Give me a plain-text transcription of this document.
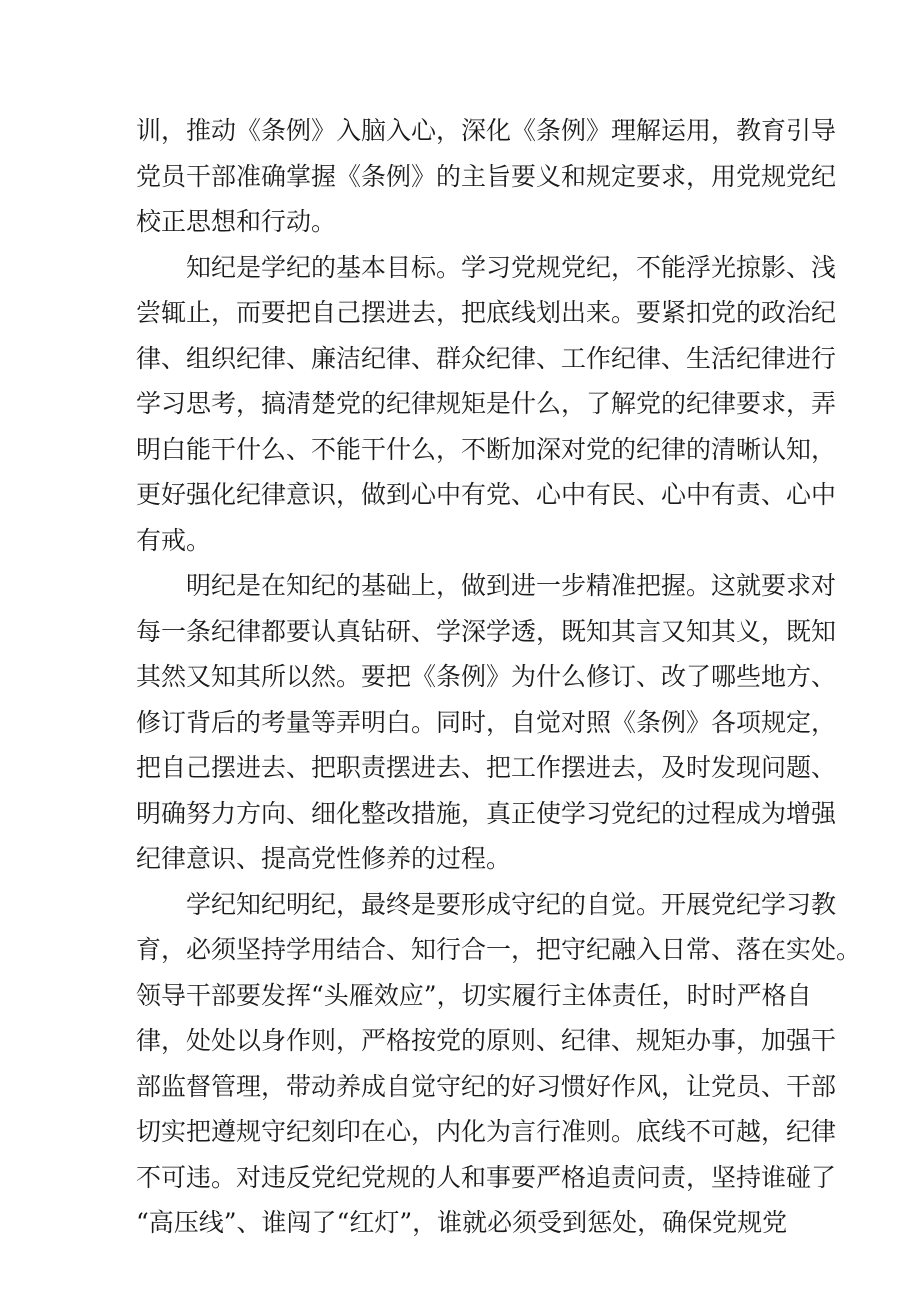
训，推动《条例》入脑入心，深化《条例》理解运用，教育引导
党员干部准确掌握《条例》的主旨要义和规定要求，用党规党纪
校正思想和行动。
知纪是学纪的基本目标。学习党规党纪，不能浮光掠影、浅
尝辄止，而要把自己摆进去，把底线划出来。要紧扣党的政治纪
律、组织纪律、廉洁纪律、群众纪律、工作纪律、生活纪律进行
学习思考，搞清楚党的纪律规矩是什么，了解党的纪律要求，弄
明白能干什么、不能干什么，不断加深对党的纪律的清晰认知，
更好强化纪律意识，做到心中有党、心中有民、心中有责、心中
有戒。
明纪是在知纪的基础上，做到进一步精准把握。这就要求对
每一条纪律都要认真钻研、学深学透，既知其言又知其义，既知
其然又知其所以然。要把《条例》为什么修订、改了哪些地方、
修订背后的考量等弄明白。同时，自觉对照《条例》各项规定，
把自己摆进去、把职责摆进去、把工作摆进去，及时发现问题、
明确努力方向、细化整改措施，真正使学习党纪的过程成为增强
纪律意识、提高党性修养的过程。
学纪知纪明纪，最终是要形成守纪的自觉。开展党纪学习教
育，必须坚持学用结合、知行合一，把守纪融入日常、落在实处。
领导干部要发挥“头雁效应”，切实履行主体责任，时时严格自
律，处处以身作则，严格按党的原则、纪律、规矩办事，加强干
部监督管理，带动养成自觉守纪的好习惯好作风，让党员、干部
切实把遵规守纪刻印在心，内化为言行准则。底线不可越，纪律
不可违。对违反党纪党规的人和事要严格追责问责，坚持谁碰了
“高压线”、谁闯了“红灯”，谁就必须受到惩处，确保党规党
